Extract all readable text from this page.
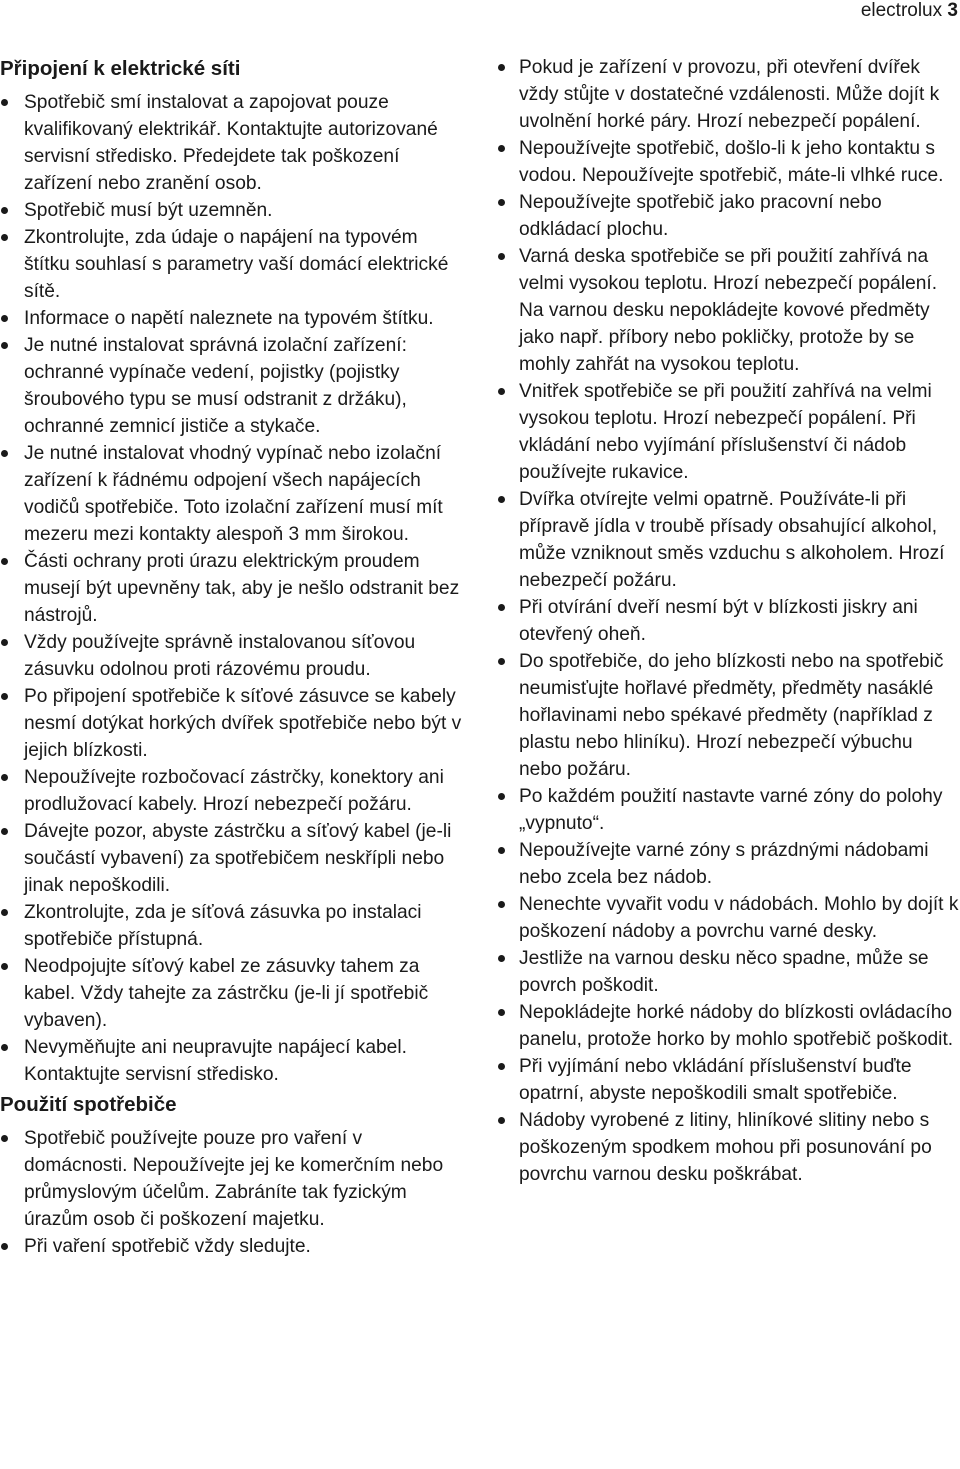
electrolux 3
Připojení k elektrické síti
Spotřebič smí instalovat a zapojovat pouze kvalifikovaný elektrikář. Kontaktujte autorizované servisní středisko. Předejdete tak poškození zařízení nebo zranění osob.
Spotřebič musí být uzemněn.
Zkontrolujte, zda údaje o napájení na typovém štítku souhlasí s parametry vaší domácí elektrické sítě.
Informace o napětí naleznete na typovém štítku.
Je nutné instalovat správná izolační zařízení: ochranné vypínače vedení, pojistky (pojistky šroubového typu se musí odstranit z držáku), ochranné zemnicí jističe a stykače.
Je nutné instalovat vhodný vypínač nebo izolační zařízení k řádnému odpojení všech napájecích vodičů spotřebiče. Toto izolační zařízení musí mít mezeru mezi kontakty alespoň 3 mm širokou.
Části ochrany proti úrazu elektrickým proudem musejí být upevněny tak, aby je nešlo odstranit bez nástrojů.
Vždy používejte správně instalovanou síťovou zásuvku odolnou proti rázovému proudu.
Po připojení spotřebiče k síťové zásuvce se kabely nesmí dotýkat horkých dvířek spotřebiče nebo být v jejich blízkosti.
Nepoužívejte rozbočovací zástrčky, konektory ani prodlužovací kabely. Hrozí nebezpečí požáru.
Dávejte pozor, abyste zástrčku a síťový kabel (je-li součástí vybavení) za spotřebičem neskřípli nebo jinak nepoškodili.
Zkontrolujte, zda je síťová zásuvka po instalaci spotřebiče přístupná.
Neodpojujte síťový kabel ze zásuvky tahem za kabel. Vždy tahejte za zástrčku (je-li jí spotřebič vybaven).
Nevyměňujte ani neupravujte napájecí kabel. Kontaktujte servisní středisko.
Použití spotřebiče
Spotřebič používejte pouze pro vaření v domácnosti. Nepoužívejte jej ke komerčním nebo průmyslovým účelům. Zabráníte tak fyzickým úrazům osob či poškození majetku.
Při vaření spotřebič vždy sledujte.
Pokud je zařízení v provozu, při otevření dvířek vždy stůjte v dostatečné vzdálenosti. Může dojít k uvolnění horké páry. Hrozí nebezpečí popálení.
Nepoužívejte spotřebič, došlo-li k jeho kontaktu s vodou. Nepoužívejte spotřebič, máte-li vlhké ruce.
Nepoužívejte spotřebič jako pracovní nebo odkládací plochu.
Varná deska spotřebiče se při použití zahřívá na velmi vysokou teplotu. Hrozí nebezpečí popálení. Na varnou desku nepokládejte kovové předměty jako např. příbory nebo pokličky, protože by se mohly zahřát na vysokou teplotu.
Vnitřek spotřebiče se při použití zahřívá na velmi vysokou teplotu. Hrozí nebezpečí popálení. Při vkládání nebo vyjímání příslušenství či nádob používejte rukavice.
Dvířka otvírejte velmi opatrně. Používáte-li při přípravě jídla v troubě přísady obsahující alkohol, může vzniknout směs vzduchu s alkoholem. Hrozí nebezpečí požáru.
Při otvírání dveří nesmí být v blízkosti jiskry ani otevřený oheň.
Do spotřebiče, do jeho blízkosti nebo na spotřebič neumisťujte hořlavé předměty, předměty nasáklé hořlavinami nebo spékavé předměty (například z plastu nebo hliníku). Hrozí nebezpečí výbuchu nebo požáru.
Po každém použití nastavte varné zóny do polohy „vypnuto“.
Nepoužívejte varné zóny s prázdnými nádobami nebo zcela bez nádob.
Nenechte vyvařit vodu v nádobách. Mohlo by dojít k poškození nádoby a povrchu varné desky.
Jestliže na varnou desku něco spadne, může se povrch poškodit.
Nepokládejte horké nádoby do blízkosti ovládacího panelu, protože horko by mohlo spotřebič poškodit.
Při vyjímání nebo vkládání příslušenství buďte opatrní, abyste nepoškodili smalt spotřebiče.
Nádoby vyrobené z litiny, hliníkové slitiny nebo s poškozeným spodkem mohou při posunování po povrchu varnou desku poškrábat.
